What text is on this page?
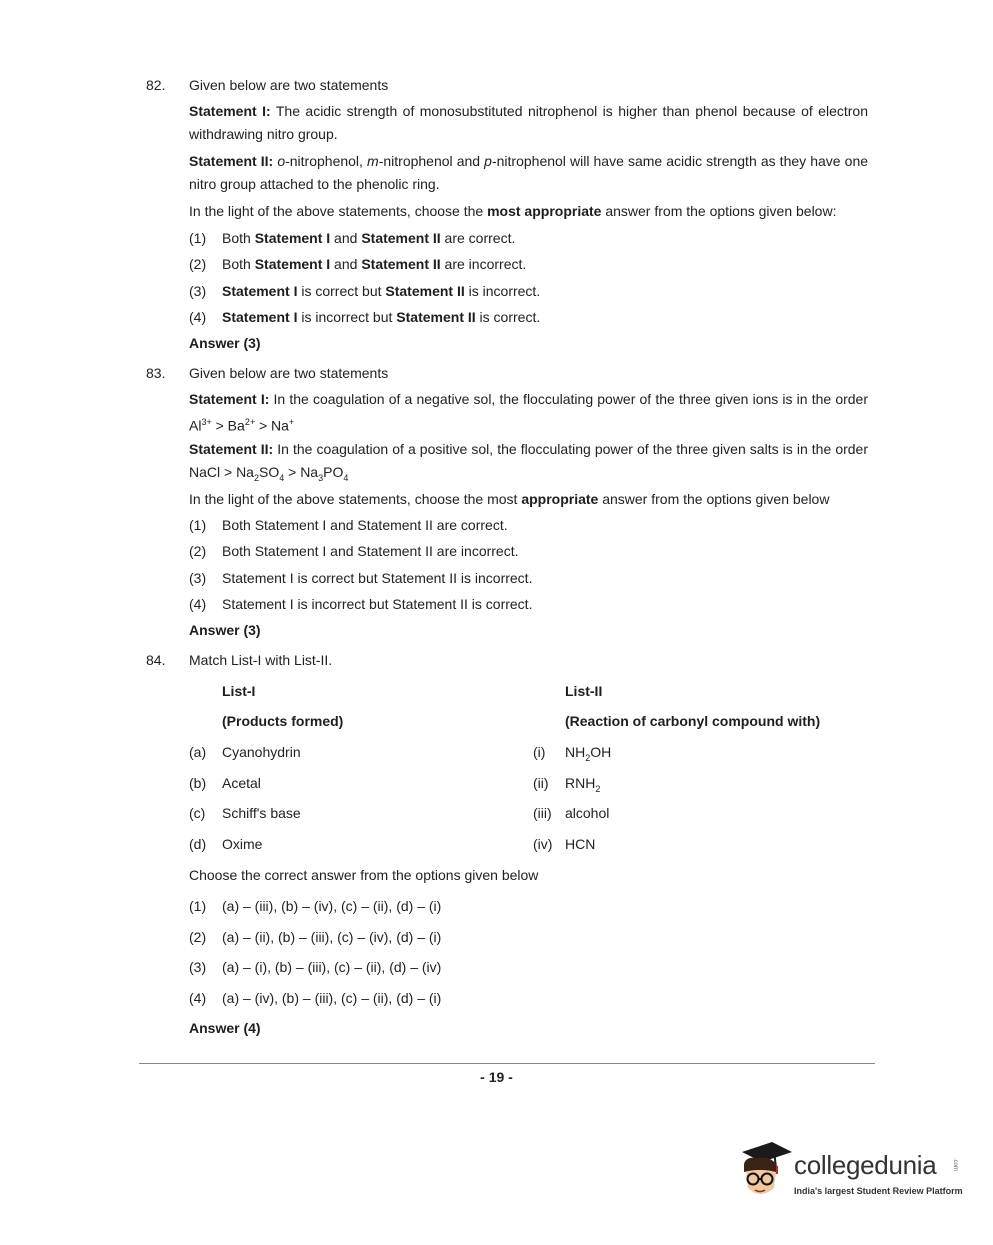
82. Given below are two statements
Statement I: The acidic strength of monosubstituted nitrophenol is higher than phenol because of electron withdrawing nitro group.
Statement II: o-nitrophenol, m-nitrophenol and p-nitrophenol will have same acidic strength as they have one nitro group attached to the phenolic ring.
In the light of the above statements, choose the most appropriate answer from the options given below:
(1) Both Statement I and Statement II are correct.
(2) Both Statement I and Statement II are incorrect.
(3) Statement I is correct but Statement II is incorrect.
(4) Statement I is incorrect but Statement II is correct.
Answer (3)
83. Given below are two statements
Statement I: In the coagulation of a negative sol, the flocculating power of the three given ions is in the order $Al^{3+} > Ba^{2+} > Na^+$
Statement II: In the coagulation of a positive sol, the flocculating power of the three given salts is in the order NaCl > $Na_2SO_4 > Na_3PO_4$
In the light of the above statements, choose the most appropriate answer from the options given below
(1) Both Statement I and Statement II are correct.
(2) Both Statement I and Statement II are incorrect.
(3) Statement I is correct but Statement II is incorrect.
(4) Statement I is incorrect but Statement II is correct.
Answer (3)
84. Match List-I with List-II.
List-I	List-II
(Products formed)	(Reaction of carbonyl compound with)
(a) Cyanohydrin	(i) $NH_2OH$
(b) Acetal	(ii) $RNH_2$
(c) Schiff's base	(iii) alcohol
(d) Oxime	(iv) HCN
Choose the correct answer from the options given below
(1) (a) – (iii), (b) – (iv), (c) – (ii), (d) – (i)
(2) (a) – (ii), (b) – (iii), (c) – (iv), (d) – (i)
(3) (a) – (i), (b) – (iii), (c) – (ii), (d) – (iv)
(4) (a) – (iv), (b) – (iii), (c) – (ii), (d) – (i)
Answer (4)
- 19 -
collegedunia	.com
India's largest Student Review Platform
